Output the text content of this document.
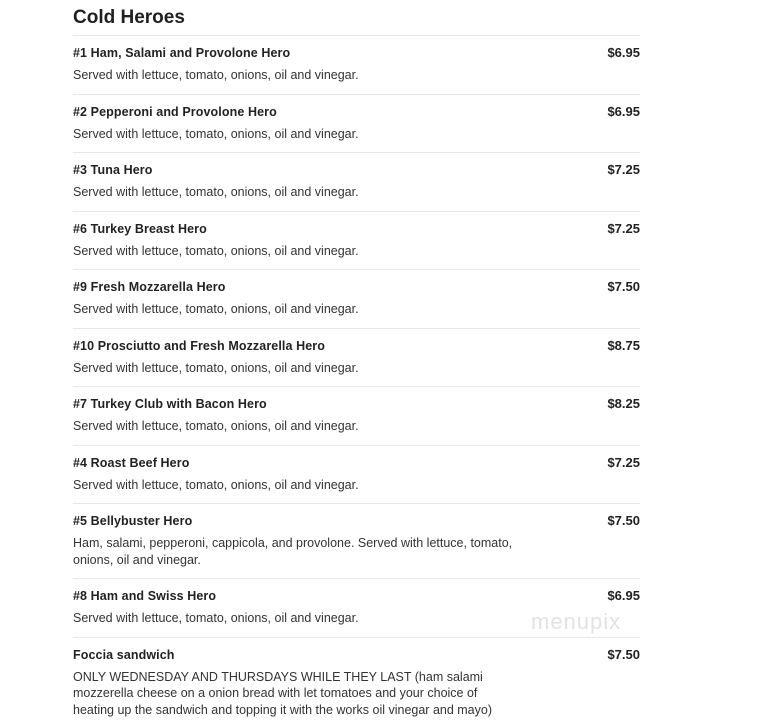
Cold Heroes
#1 Ham, Salami and Provolone Hero	$6.95
Served with lettuce, tomato, onions, oil and vinegar.
#2 Pepperoni and Provolone Hero	$6.95
Served with lettuce, tomato, onions, oil and vinegar.
#3 Tuna Hero	$7.25
Served with lettuce, tomato, onions, oil and vinegar.
#6 Turkey Breast Hero	$7.25
Served with lettuce, tomato, onions, oil and vinegar.
#9 Fresh Mozzarella Hero	$7.50
Served with lettuce, tomato, onions, oil and vinegar.
#10 Prosciutto and Fresh Mozzarella Hero	$8.75
Served with lettuce, tomato, onions, oil and vinegar.
#7 Turkey Club with Bacon Hero	$8.25
Served with lettuce, tomato, onions, oil and vinegar.
#4 Roast Beef Hero	$7.25
Served with lettuce, tomato, onions, oil and vinegar.
#5 Bellybuster Hero	$7.50
Ham, salami, pepperoni, cappicola, and provolone. Served with lettuce, tomato, onions, oil and vinegar.
#8 Ham and Swiss Hero	$6.95
Served with lettuce, tomato, onions, oil and vinegar.
Foccia sandwich	$7.50
ONLY WEDNESDAY AND THURSDAYS WHILE THEY LAST (ham salami mozzerella cheese on a onion bread with let tomatoes and your choice of heating up the sandwich and topping it with the works oil vinegar and mayo)
menupix
